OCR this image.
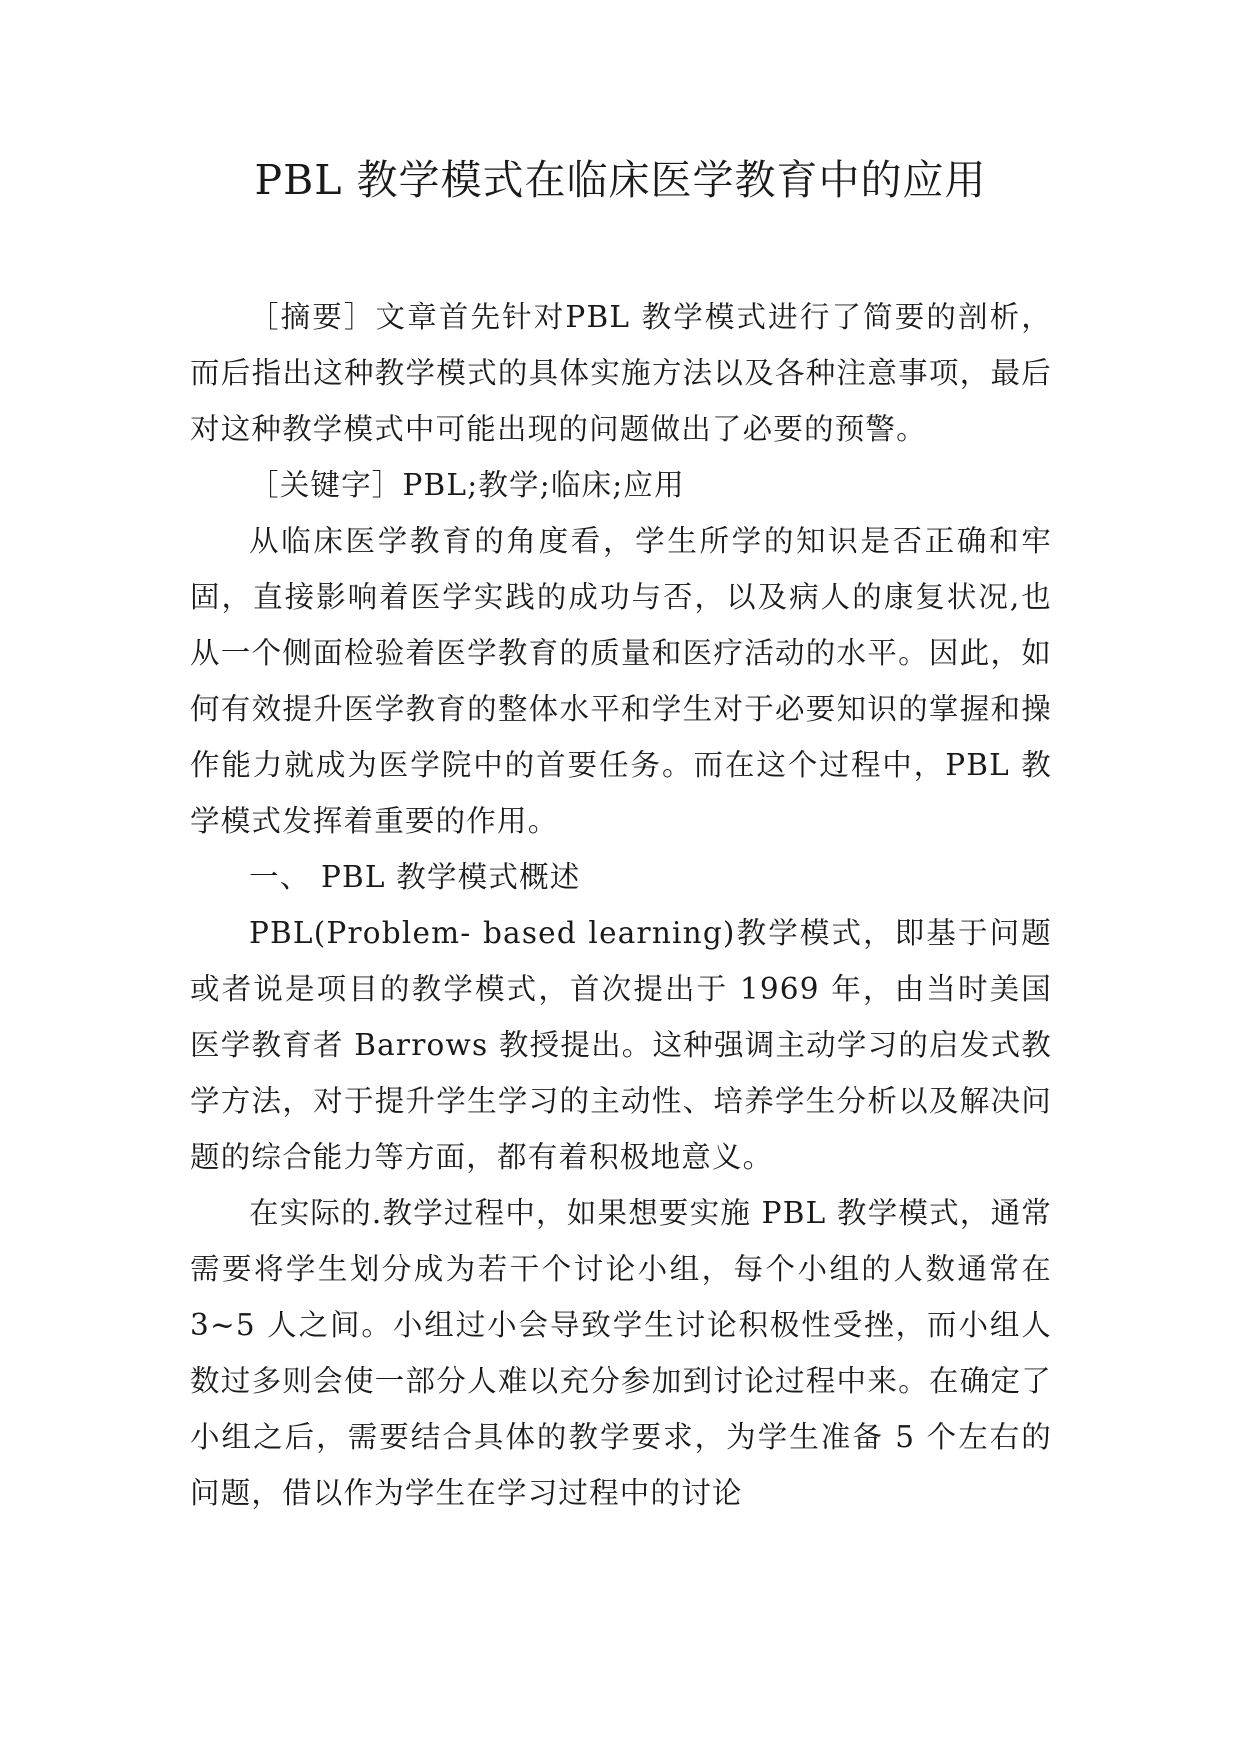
PBL 教学模式在临床医学教育中的应用

［摘要］文章首先针对PBL 教学模式进行了简要的剖析，而后指出这种教学模式的具体实施方法以及各种注意事项，最后对这种教学模式中可能出现的问题做出了必要的预警。

［关键字］PBL;教学;临床;应用

从临床医学教育的角度看，学生所学的知识是否正确和牢固，直接影响着医学实践的成功与否，以及病人的康复状况,也从一个侧面检验着医学教育的质量和医疗活动的水平。因此，如何有效提升医学教育的整体水平和学生对于必要知识的掌握和操作能力就成为医学院中的首要任务。而在这个过程中，PBL 教学模式发挥着重要的作用。

一、 PBL 教学模式概述

PBL(Problem- based learning)教学模式，即基于问题或者说是项目的教学模式，首次提出于 1969 年，由当时美国医学教育者 Barrows 教授提出。这种强调主动学习的启发式教学方法，对于提升学生学习的主动性、培养学生分析以及解决问题的综合能力等方面，都有着积极地意义。

在实际的.教学过程中，如果想要实施 PBL 教学模式，通常需要将学生划分成为若干个讨论小组，每个小组的人数通常在 3~5 人之间。小组过小会导致学生讨论积极性受挫，而小组人数过多则会使一部分人难以充分参加到讨论过程中来。在确定了小组之后，需要结合具体的教学要求，为学生准备 5 个左右的问题，借以作为学生在学习过程中的讨论
